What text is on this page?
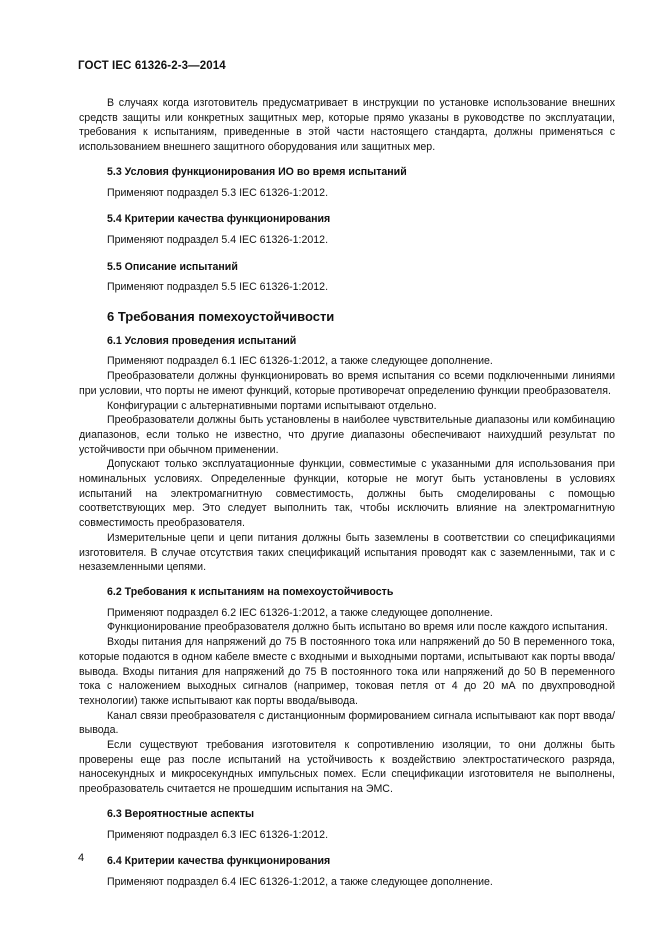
ГОСТ IEC 61326-2-3—2014

В случаях когда изготовитель предусматривает в инструкции по установке использование внешних средств защиты или конкретных защитных мер, которые прямо указаны в руководстве по эксплуатации, требования к испытаниям, приведенные в этой части настоящего стандарта, должны применяться с использованием внешнего защитного оборудования или защитных мер.

5.3 Условия функционирования ИО во время испытаний

Применяют подраздел 5.3 IEC 61326-1:2012.

5.4 Критерии качества функционирования

Применяют подраздел 5.4 IEC 61326-1:2012.

5.5 Описание испытаний

Применяют подраздел 5.5 IEC 61326-1:2012.

6 Требования помехоустойчивости
6.1 Условия проведения испытаний

Применяют подраздел 6.1 IEC 61326-1:2012, а также следующее дополнение.

Преобразователи должны функционировать во время испытания со всеми подключенными линиями при условии, что порты не имеют функций, которые противоречат определению функции преобразователя.

Конфигурации с альтернативными портами испытывают отдельно.

Преобразователи должны быть установлены в наиболее чувствительные диапазоны или комбинацию диапазонов, если только не известно, что другие диапазоны обеспечивают наихудший результат по устойчивости при обычном применении.

Допускают только эксплуатационные функции, совместимые с указанными для использования при номинальных условиях. Определенные функции, которые не могут быть установлены в условиях испытаний на электромагнитную совместимость, должны быть смоделированы с помощью соответствующих мер. Это следует выполнить так, чтобы исключить влияние на электромагнитную совместимость преобразователя.

Измерительные цепи и цепи питания должны быть заземлены в соответствии со спецификациями изготовителя. В случае отсутствия таких спецификаций испытания проводят как с заземленными, так и с незаземленными цепями.

6.2 Требования к испытаниям на помехоустойчивость

Применяют подраздел 6.2 IEC 61326-1:2012, а также следующее дополнение.

Функционирование преобразователя должно быть испытано во время или после каждого испытания.

Входы питания для напряжений до 75 В постоянного тока или напряжений до 50 В переменного тока, которые подаются в одном кабеле вместе с входными и выходными портами, испытывают как порты ввода/вывода. Входы питания для напряжений до 75 В постоянного тока или напряжений до 50 В переменного тока с наложением выходных сигналов (например, токовая петля от 4 до 20 мА по двухпроводной технологии) также испытывают как порты ввода/вывода.

Канал связи преобразователя с дистанционным формированием сигнала испытывают как порт ввода/вывода.

Если существуют требования изготовителя к сопротивлению изоляции, то они должны быть проверены еще раз после испытаний на устойчивость к воздействию электростатического разряда, наносекундных и микросекундных импульсных помех. Если спецификации изготовителя не выполнены, преобразователь считается не прошедшим испытания на ЭМС.

6.3 Вероятностные аспекты

Применяют подраздел 6.3 IEC 61326-1:2012.

6.4 Критерии качества функционирования

Применяют подраздел 6.4 IEC 61326-1:2012, а также следующее дополнение.

4
